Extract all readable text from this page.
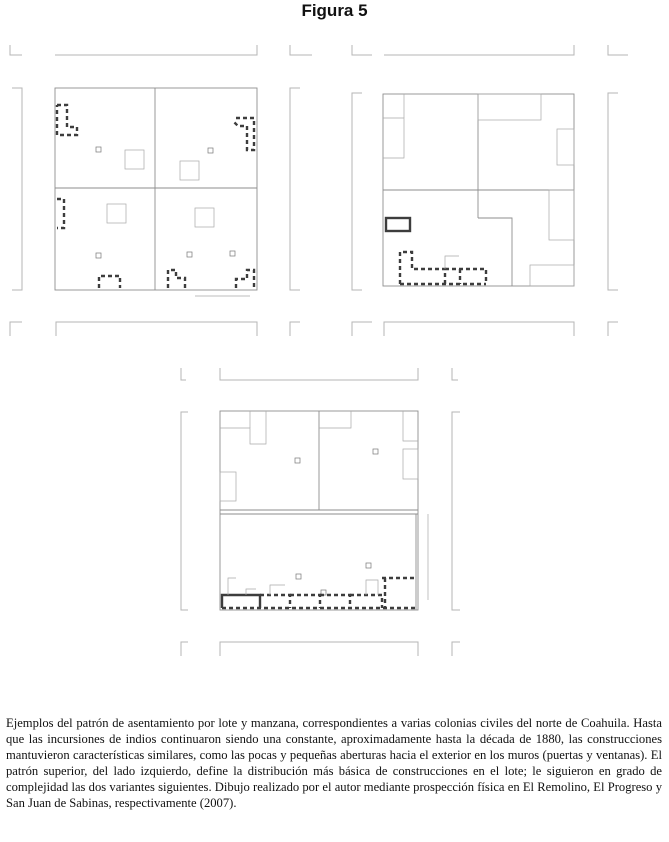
Figura 5

Ejemplos del patrón de asentamiento por lote y manzana, correspondientes a varias colonias civiles del norte de Coahuila. Hasta que las incursiones de indios continuaron siendo una constante, aproximadamente hasta la década de 1880, las construcciones mantuvieron características similares, como las pocas y pequeñas aberturas hacia el exterior en los muros (puertas y ventanas). El patrón superior, del lado izquierdo, define la distribución más básica de construcciones en el lote; le siguieron en grado de complejidad las dos variantes siguientes. Dibujo realizado por el autor mediante prospección física en El Remolino, El Progreso y San Juan de Sabinas, respectivamente (2007).
